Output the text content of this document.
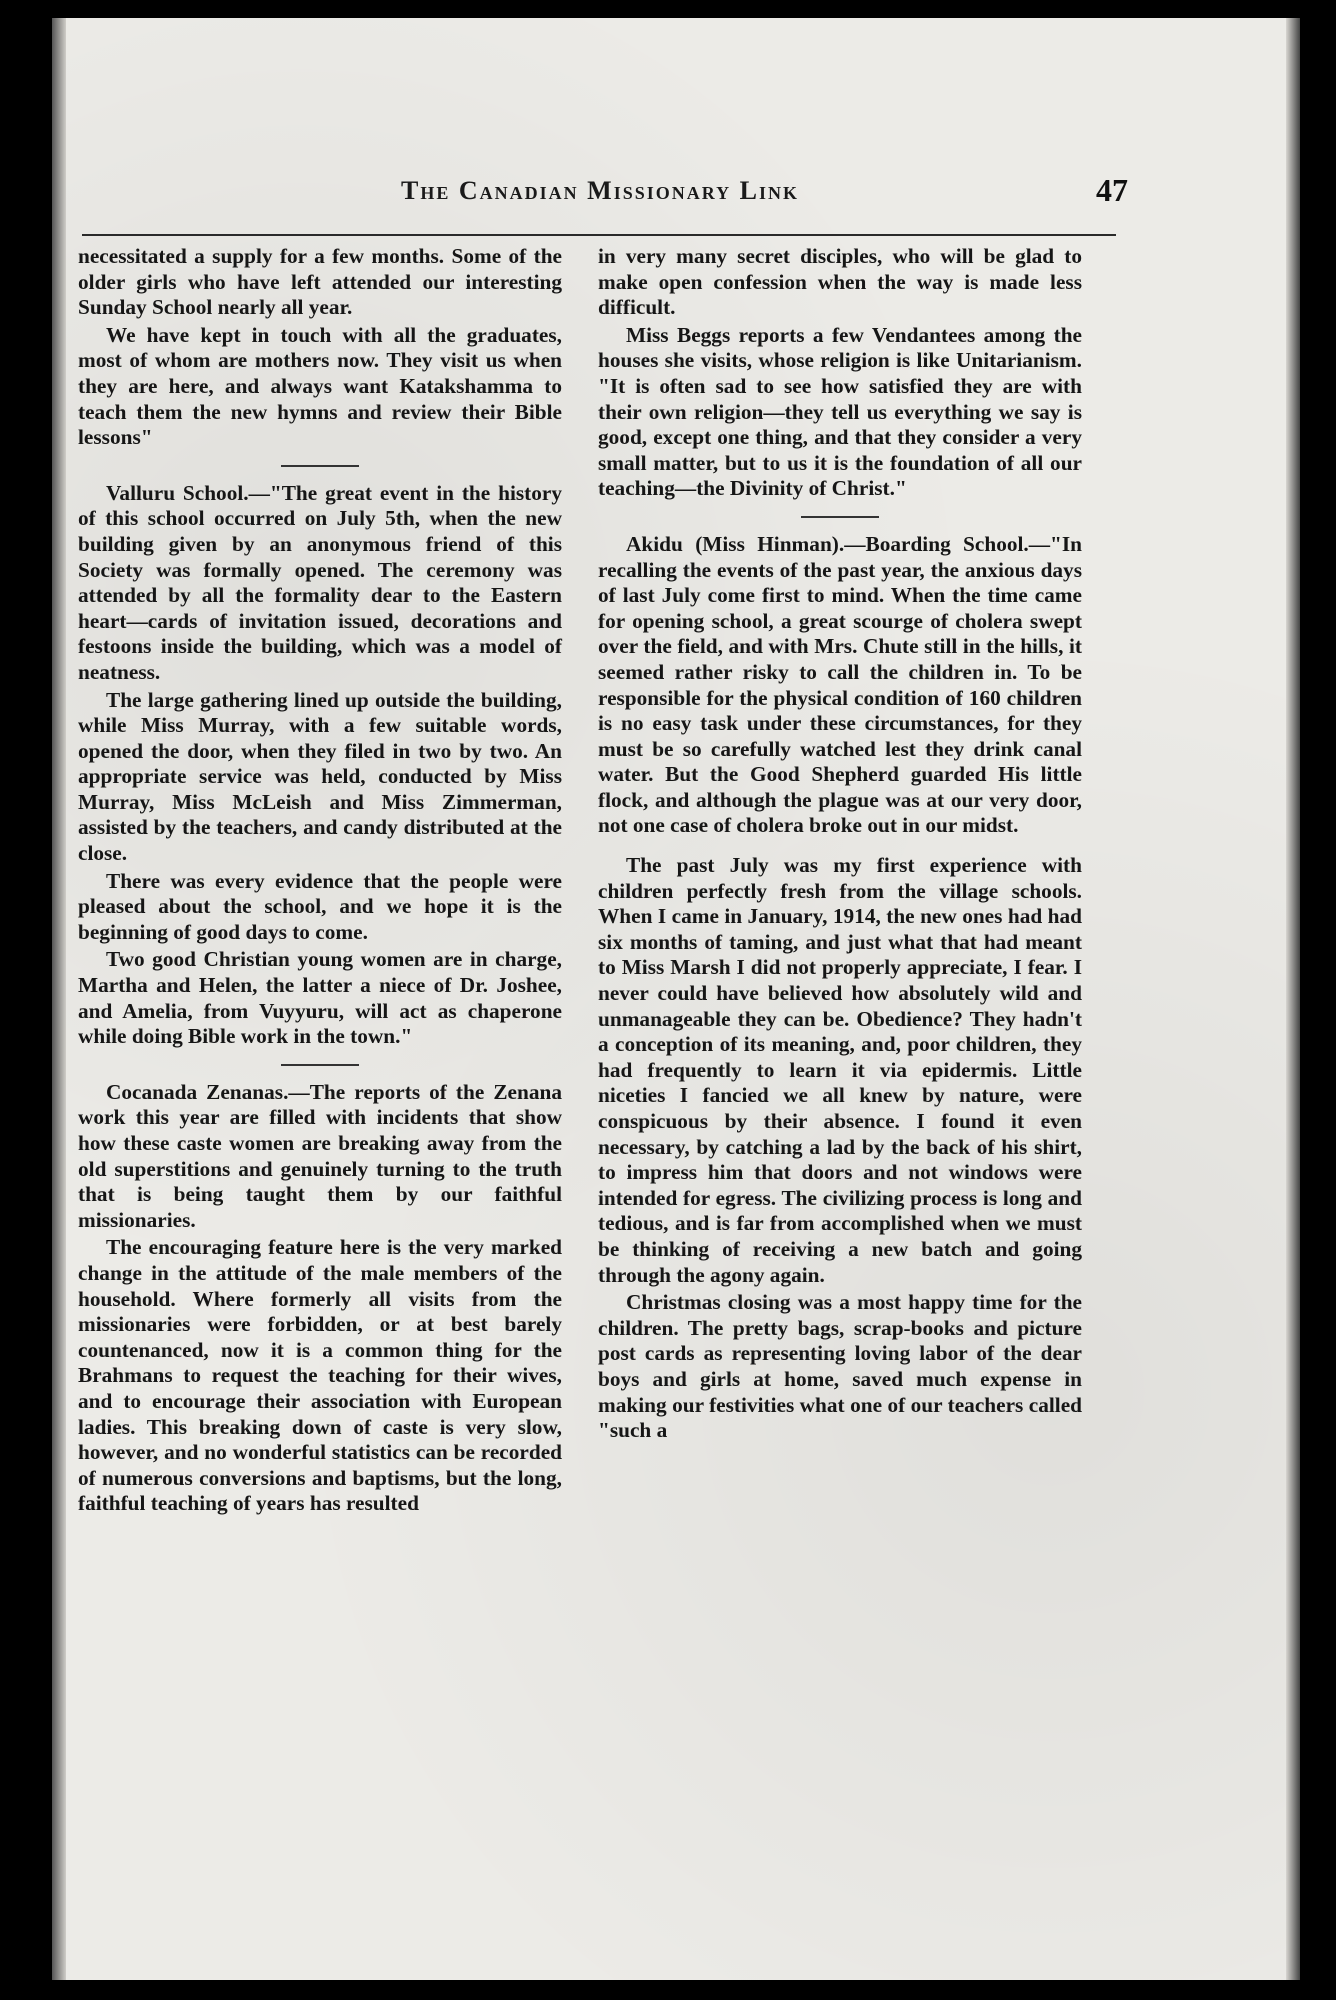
The Canadian Missionary Link	47

necessitated a supply for a few months. Some of the older girls who have left attended our interesting Sunday School nearly all year.

We have kept in touch with all the graduates, most of whom are mothers now. They visit us when they are here, and always want Katakshamma to teach them the new hymns and review their Bible lessons"

Valluru School.—"The great event in the history of this school occurred on July 5th, when the new building given by an anonymous friend of this Society was formally opened. The ceremony was attended by all the formality dear to the Eastern heart—cards of invitation issued, decorations and festoons inside the building, which was a model of neatness.

The large gathering lined up outside the building, while Miss Murray, with a few suitable words, opened the door, when they filed in two by two. An appropriate service was held, conducted by Miss Murray, Miss McLeish and Miss Zimmerman, assisted by the teachers, and candy distributed at the close.

There was every evidence that the people were pleased about the school, and we hope it is the beginning of good days to come.

Two good Christian young women are in charge, Martha and Helen, the latter a niece of Dr. Joshee, and Amelia, from Vuyyuru, will act as chaperone while doing Bible work in the town."

Cocanada Zenanas.—The reports of the Zenana work this year are filled with incidents that show how these caste women are breaking away from the old superstitions and genuinely turning to the truth that is being taught them by our faithful missionaries.

The encouraging feature here is the very marked change in the attitude of the male members of the household. Where formerly all visits from the missionaries were forbidden, or at best barely countenanced, now it is a common thing for the Brahmans to request the teaching for their wives, and to encourage their association with European ladies. This breaking down of caste is very slow, however, and no wonderful statistics can be recorded of numerous conversions and baptisms, but the long, faithful teaching of years has resulted

in very many secret disciples, who will be glad to make open confession when the way is made less difficult.

Miss Beggs reports a few Vendantees among the houses she visits, whose religion is like Unitarianism. "It is often sad to see how satisfied they are with their own religion—they tell us everything we say is good, except one thing, and that they consider a very small matter, but to us it is the foundation of all our teaching—the Divinity of Christ."

Akidu (Miss Hinman).—Boarding School.—"In recalling the events of the past year, the anxious days of last July come first to mind. When the time came for opening school, a great scourge of cholera swept over the field, and with Mrs. Chute still in the hills, it seemed rather risky to call the children in. To be responsible for the physical condition of 160 children is no easy task under these circumstances, for they must be so carefully watched lest they drink canal water. But the Good Shepherd guarded His little flock, and although the plague was at our very door, not one case of cholera broke out in our midst.

The past July was my first experience with children perfectly fresh from the village schools. When I came in January, 1914, the new ones had had six months of taming, and just what that had meant to Miss Marsh I did not properly appreciate, I fear. I never could have believed how absolutely wild and unmanageable they can be. Obedience? They hadn't a conception of its meaning, and, poor children, they had frequently to learn it via epidermis. Little niceties I fancied we all knew by nature, were conspicuous by their absence. I found it even necessary, by catching a lad by the back of his shirt, to impress him that doors and not windows were intended for egress. The civilizing process is long and tedious, and is far from accomplished when we must be thinking of receiving a new batch and going through the agony again.

Christmas closing was a most happy time for the children. The pretty bags, scrap-books and picture post cards as representing loving labor of the dear boys and girls at home, saved much expense in making our festivities what one of our teachers called "such a
